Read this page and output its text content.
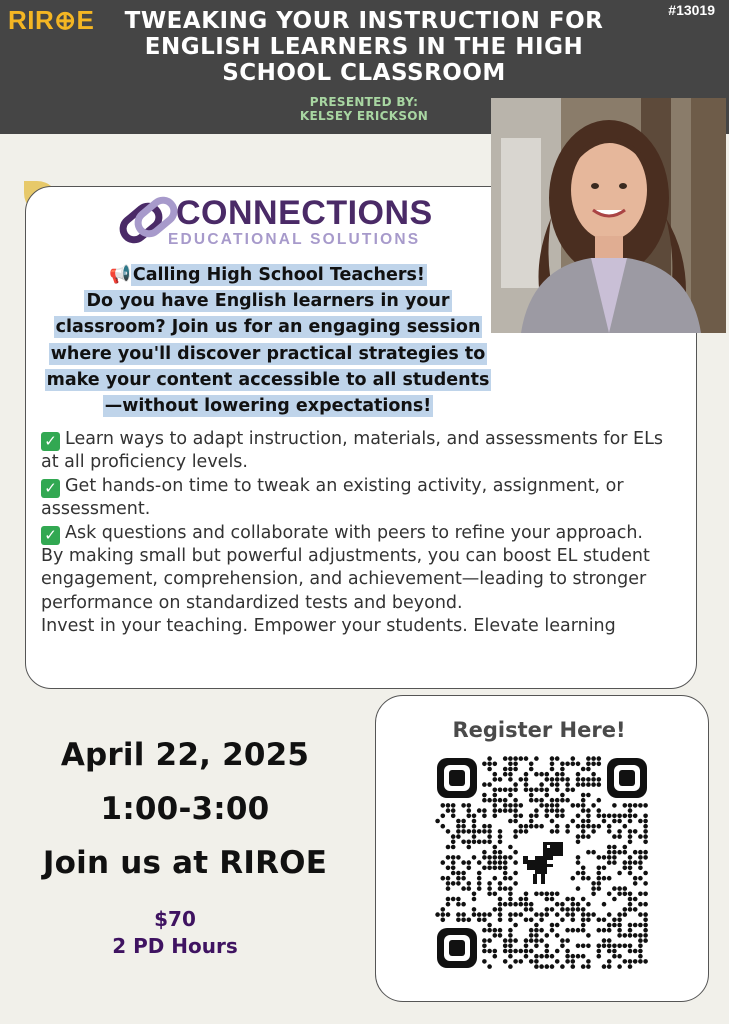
RIR⊕E	#13019
TWEAKING YOUR INSTRUCTION FOR
ENGLISH LEARNERS IN THE HIGH
SCHOOL CLASSROOM
PRESENTED BY:
KELSEY ERICKSON
CONNECTIONS
EDUCATIONAL SOLUTIONS
📢 Calling High School Teachers!
Do you have English learners in your
classroom? Join us for an engaging session
where you'll discover practical strategies to
make your content accessible to all students
—without lowering expectations!
✓ Learn ways to adapt instruction, materials, and assessments for ELs at all proficiency levels.
✓ Get hands-on time to tweak an existing activity, assignment, or assessment.
✓ Ask questions and collaborate with peers to refine your approach.
By making small but powerful adjustments, you can boost EL student engagement, comprehension, and achievement—leading to stronger performance on standardized tests and beyond.
Invest in your teaching. Empower your students. Elevate learning
April 22, 2025
1:00-3:00
Join us at RIROE
$70
2 PD Hours
Register Here!
